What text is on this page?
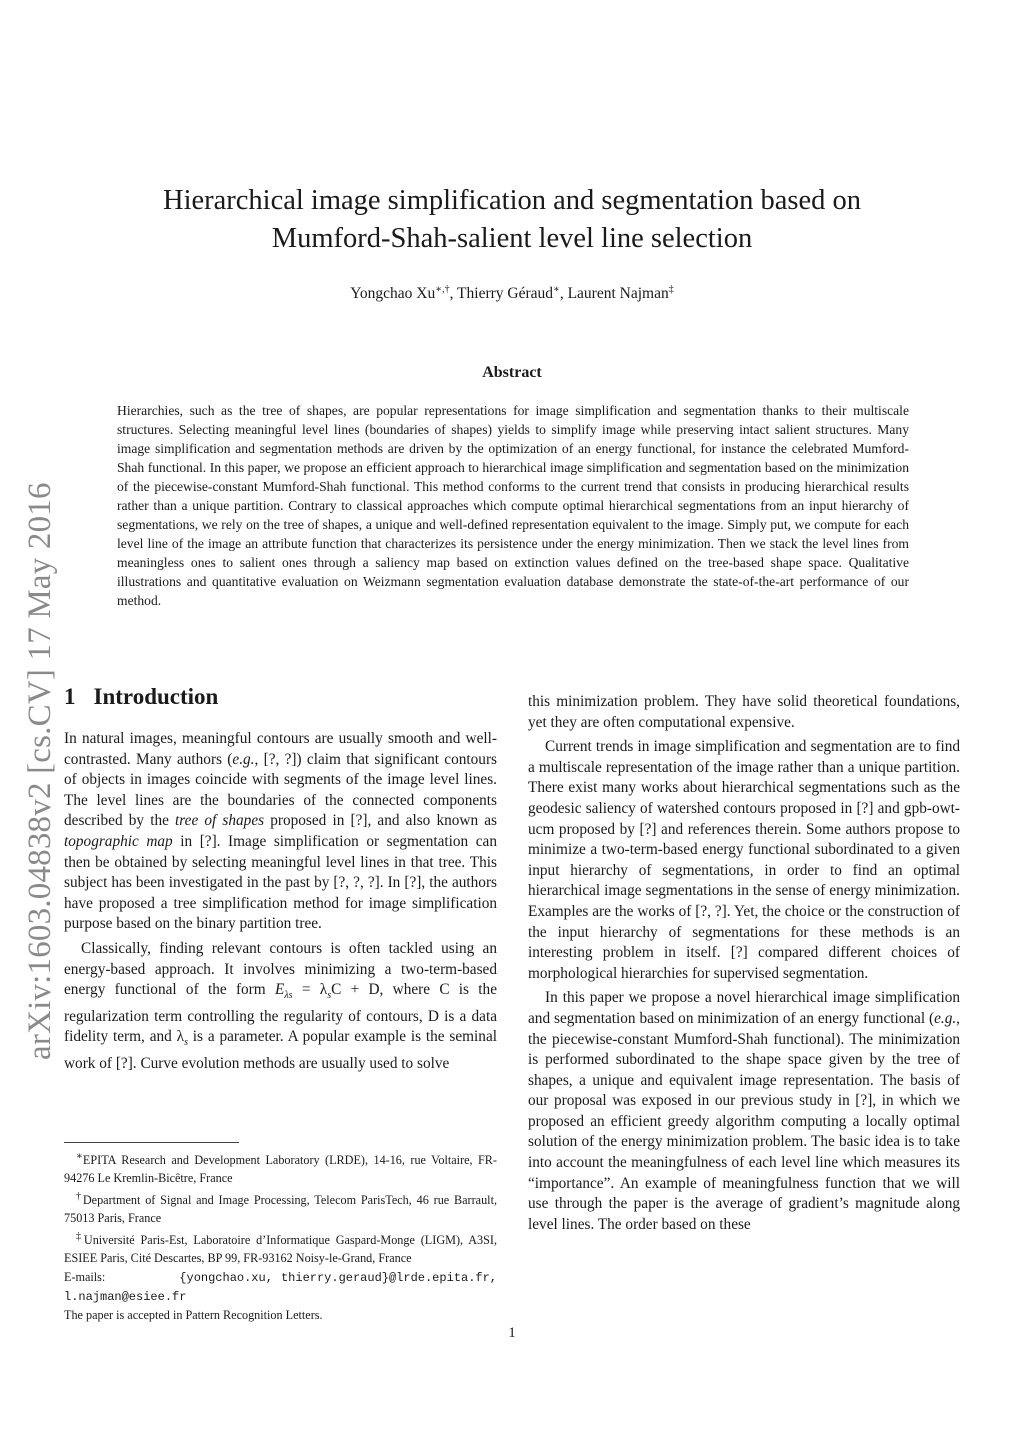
arXiv:1603.04838v2 [cs.CV] 17 May 2016
Hierarchical image simplification and segmentation based on
Mumford-Shah-salient level line selection
Yongchao Xu∗,†, Thierry Géraud∗, Laurent Najman‡
Abstract
Hierarchies, such as the tree of shapes, are popular representations for image simplification and segmentation thanks to their multiscale structures. Selecting meaningful level lines (boundaries of shapes) yields to simplify image while preserving intact salient structures. Many image simplification and segmentation methods are driven by the optimization of an energy functional, for instance the celebrated Mumford-Shah functional. In this paper, we propose an efficient approach to hierarchical image simplification and segmentation based on the minimization of the piecewise-constant Mumford-Shah functional. This method conforms to the current trend that consists in producing hierarchical results rather than a unique partition. Contrary to classical approaches which compute optimal hierarchical segmentations from an input hierarchy of segmentations, we rely on the tree of shapes, a unique and well-defined representation equivalent to the image. Simply put, we compute for each level line of the image an attribute function that characterizes its persistence under the energy minimization. Then we stack the level lines from meaningless ones to salient ones through a saliency map based on extinction values defined on the tree-based shape space. Qualitative illustrations and quantitative evaluation on Weizmann segmentation evaluation database demonstrate the state-of-the-art performance of our method.
1 Introduction

In natural images, meaningful contours are usually smooth and well-contrasted. Many authors (e.g., [?, ?]) claim that significant contours of objects in images coincide with segments of the image level lines. The level lines are the boundaries of the connected components described by the tree of shapes proposed in [?], and also known as topographic map in [?]. Image simplification or segmentation can then be obtained by selecting meaningful level lines in that tree. This subject has been investigated in the past by [?, ?, ?]. In [?], the authors have proposed a tree simplification method for image simplification purpose based on the binary partition tree.

Classically, finding relevant contours is often tackled using an energy-based approach. It involves minimizing a two-term-based energy functional of the form $E_{\lambda s} = \lambda_sC + D$, where C is the regularization term controlling the regularity of contours, D is a data fidelity term, and $\lambda_s$ is a parameter. A popular example is the seminal work of [?]. Curve evolution methods are usually used to solve

this minimization problem. They have solid theoretical foundations, yet they are often computational expensive.

Current trends in image simplification and segmentation are to find a multiscale representation of the image rather than a unique partition. There exist many works about hierarchical segmentations such as the geodesic saliency of watershed contours proposed in [?] and gpb-owt-ucm proposed by [?] and references therein. Some authors propose to minimize a two-term-based energy functional subordinated to a given input hierarchy of segmentations, in order to find an optimal hierarchical image segmentations in the sense of energy minimization. Examples are the works of [?, ?]. Yet, the choice or the construction of the input hierarchy of segmentations for these methods is an interesting problem in itself. [?] compared different choices of morphological hierarchies for supervised segmentation.

In this paper we propose a novel hierarchical image simplification and segmentation based on minimization of an energy functional (e.g., the piecewise-constant Mumford-Shah functional). The minimization is performed subordinated to the shape space given by the tree of shapes, a unique and equivalent image representation. The basis of our proposal was exposed in our previous study in [?], in which we proposed an efficient greedy algorithm computing a locally optimal solution of the energy minimization problem. The basic idea is to take into account the meaningfulness of each level line which measures its “importance”. An example of meaningfulness function that we will use through the paper is the average of gradient’s magnitude along level lines. The order based on these

∗EPITA Research and Development Laboratory (LRDE), 14-16, rue Voltaire, FR-94276 Le Kremlin-Bicêtre, France

†Department of Signal and Image Processing, Telecom ParisTech, 46 rue Barrault, 75013 Paris, France

‡Université Paris-Est, Laboratoire d’Informatique Gaspard-Monge (LIGM), A3SI, ESIEE Paris, Cité Descartes, BP 99, FR-93162 Noisy-le-Grand, France

E-mails:	{yongchao.xu, thierry.geraud}@lrde.epita.fr, l.najman@esiee.fr

The paper is accepted in Pattern Recognition Letters.

1
